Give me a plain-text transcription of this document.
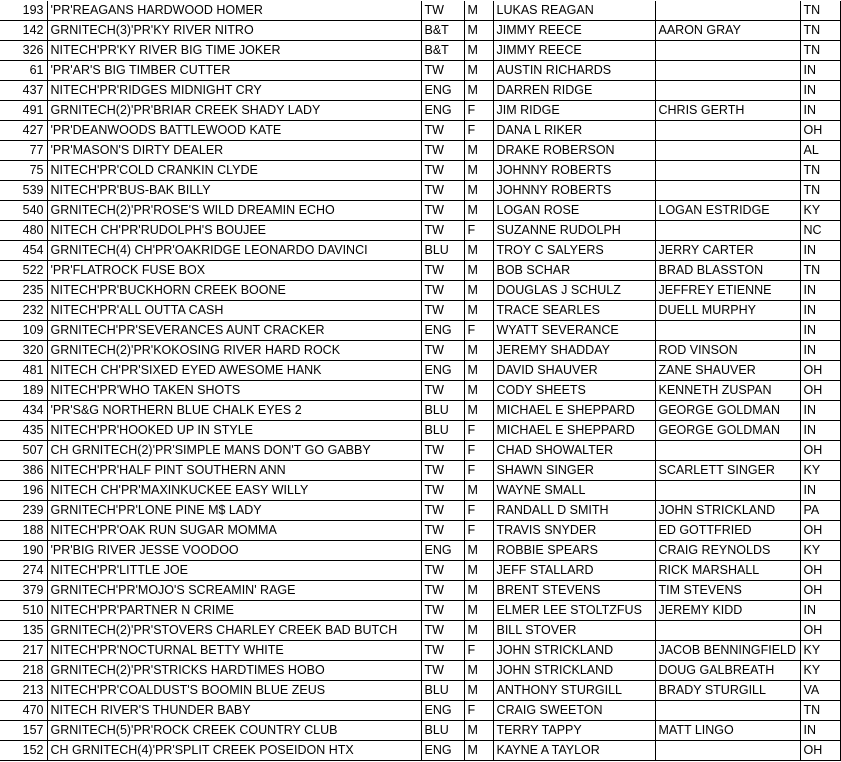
193	'PR'REAGANS HARDWOOD HOMER	TW	M	LUKAS REAGAN		TN
142	GRNITECH(3)'PR'KY RIVER NITRO	B&T	M	JIMMY REECE	AARON GRAY	TN
326	NITECH'PR'KY RIVER BIG TIME JOKER	B&T	M	JIMMY REECE		TN
61	'PR'AR'S BIG TIMBER CUTTER	TW	M	AUSTIN RICHARDS		IN
437	NITECH'PR'RIDGES MIDNIGHT CRY	ENG	M	DARREN RIDGE		IN
491	GRNITECH(2)'PR'BRIAR CREEK SHADY LADY	ENG	F	JIM RIDGE	CHRIS GERTH	IN
427	'PR'DEANWOODS BATTLEWOOD KATE	TW	F	DANA L RIKER		OH
77	'PR'MASON'S DIRTY DEALER	TW	M	DRAKE ROBERSON		AL
75	NITECH'PR'COLD CRANKIN CLYDE	TW	M	JOHNNY ROBERTS		TN
539	NITECH'PR'BUS-BAK BILLY	TW	M	JOHNNY ROBERTS		TN
540	GRNITECH(2)'PR'ROSE'S WILD DREAMIN ECHO	TW	M	LOGAN ROSE	LOGAN ESTRIDGE	KY
480	NITECH CH'PR'RUDOLPH'S BOUJEE	TW	F	SUZANNE RUDOLPH		NC
454	GRNITECH(4) CH'PR'OAKRIDGE LEONARDO DAVINCI	BLU	M	TROY C SALYERS	JERRY CARTER	IN
522	'PR'FLATROCK FUSE BOX	TW	M	BOB SCHAR	BRAD BLASSTON	TN
235	NITECH'PR'BUCKHORN CREEK BOONE	TW	M	DOUGLAS J SCHULZ	JEFFREY ETIENNE	IN
232	NITECH'PR'ALL OUTTA CASH	TW	M	TRACE SEARLES	DUELL MURPHY	IN
109	GRNITECH'PR'SEVERANCES AUNT CRACKER	ENG	F	WYATT SEVERANCE		IN
320	GRNITECH(2)'PR'KOKOSING RIVER HARD ROCK	TW	M	JEREMY SHADDAY	ROD VINSON	IN
481	NITECH CH'PR'SIXED EYED AWESOME HANK	ENG	M	DAVID SHAUVER	ZANE SHAUVER	OH
189	NITECH'PR'WHO TAKEN SHOTS	TW	M	CODY SHEETS	KENNETH ZUSPAN	OH
434	'PR'S&G NORTHERN BLUE CHALK EYES 2	BLU	M	MICHAEL E SHEPPARD	GEORGE GOLDMAN	IN
435	NITECH'PR'HOOKED UP IN STYLE	BLU	F	MICHAEL E SHEPPARD	GEORGE GOLDMAN	IN
507	CH GRNITECH(2)'PR'SIMPLE MANS DON'T GO GABBY	TW	F	CHAD SHOWALTER		OH
386	NITECH'PR'HALF PINT SOUTHERN ANN	TW	F	SHAWN SINGER	SCARLETT SINGER	KY
196	NITECH CH'PR'MAXINKUCKEE EASY WILLY	TW	M	WAYNE SMALL		IN
239	GRNITECH'PR'LONE PINE M$ LADY	TW	F	RANDALL D SMITH	JOHN STRICKLAND	PA
188	NITECH'PR'OAK RUN SUGAR MOMMA	TW	F	TRAVIS SNYDER	ED GOTTFRIED	OH
190	'PR'BIG RIVER JESSE VOODOO	ENG	M	ROBBIE SPEARS	CRAIG REYNOLDS	KY
274	NITECH'PR'LITTLE JOE	TW	M	JEFF STALLARD	RICK MARSHALL	OH
379	GRNITECH'PR'MOJO'S SCREAMIN' RAGE	TW	M	BRENT STEVENS	TIM STEVENS	OH
510	NITECH'PR'PARTNER N CRIME	TW	M	ELMER LEE STOLTZFUS	JEREMY KIDD	IN
135	GRNITECH(2)'PR'STOVERS CHARLEY CREEK BAD BUTCH	TW	M	BILL STOVER		OH
217	NITECH'PR'NOCTURNAL BETTY WHITE	TW	F	JOHN STRICKLAND	JACOB BENNINGFIELD	KY
218	GRNITECH(2)'PR'STRICKS HARDTIMES HOBO	TW	M	JOHN STRICKLAND	DOUG GALBREATH	KY
213	NITECH'PR'COALDUST'S BOOMIN BLUE ZEUS	BLU	M	ANTHONY STURGILL	BRADY STURGILL	VA
470	NITECH RIVER'S THUNDER BABY	ENG	F	CRAIG SWEETON		TN
157	GRNITECH(5)'PR'ROCK CREEK COUNTRY CLUB	BLU	M	TERRY TAPPY	MATT LINGO	IN
152	CH GRNITECH(4)'PR'SPLIT CREEK POSEIDON HTX	ENG	M	KAYNE A TAYLOR		OH
